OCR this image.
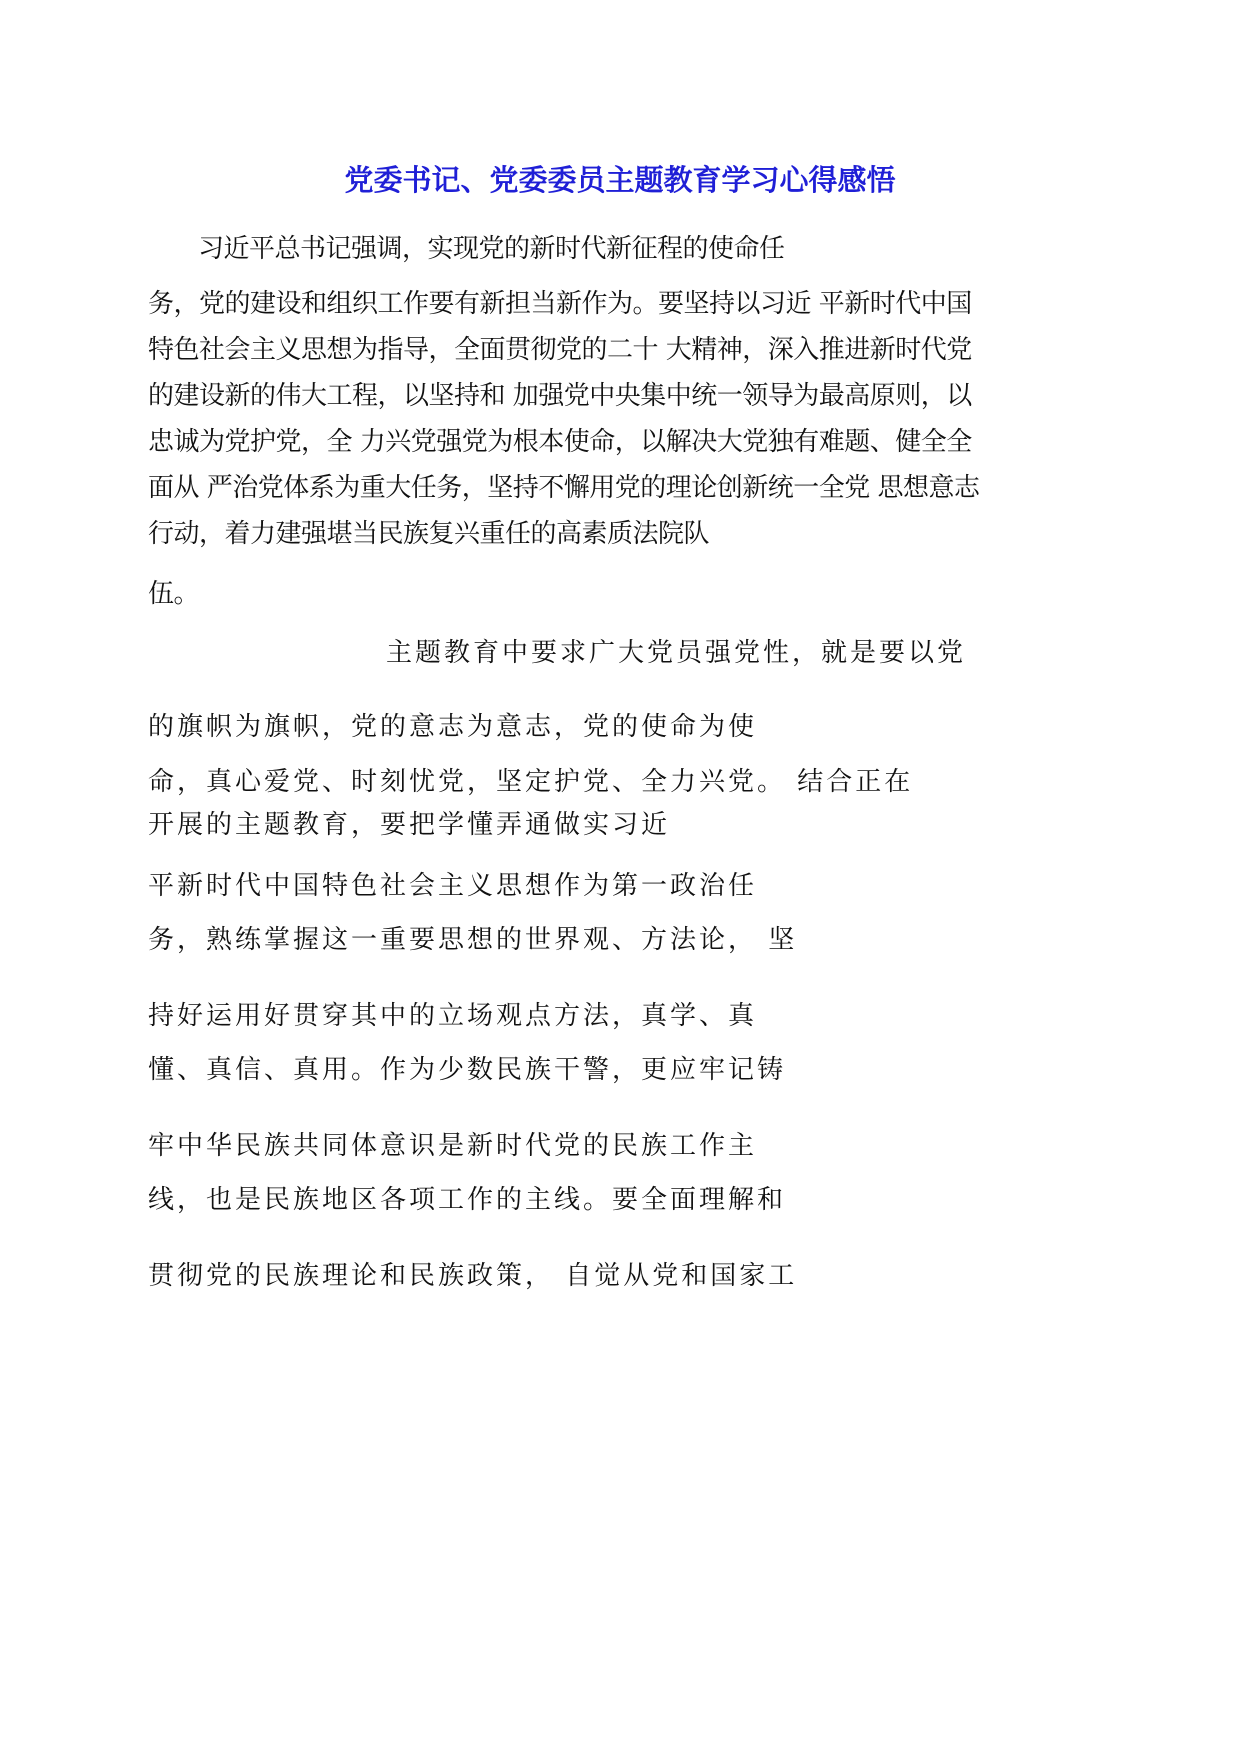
党委书记、党委委员主题教育学习心得感悟
习近平总书记强调，实现党的新时代新征程的使命任
务，党的建设和组织工作要有新担当新作为。要坚持以习近 平新时代中国
特色社会主义思想为指导，全面贯彻党的二十 大精神，深入推进新时代党
的建设新的伟大工程，以坚持和 加强党中央集中统一领导为最高原则，以
忠诚为党护党，全 力兴党强党为根本使命，以解决大党独有难题、健全全
面从 严治党体系为重大任务，坚持不懈用党的理论创新统一全党 思想意志
行动，着力建强堪当民族复兴重任的高素质法院队
伍。
主题教育中要求广大党员强党性，就是要以党
的旗帜为旗帜，党的意志为意志，党的使命为使
命，真心爱党、时刻忧党，坚定护党、全力兴党。 结合正在
开展的主题教育，要把学懂弄通做实习近
平新时代中国特色社会主义思想作为第一政治任
务，熟练掌握这一重要思想的世界观、方法论， 坚
持好运用好贯穿其中的立场观点方法，真学、真
懂、真信、真用。作为少数民族干警，更应牢记铸
牢中华民族共同体意识是新时代党的民族工作主
线，也是民族地区各项工作的主线。要全面理解和
贯彻党的民族理论和民族政策， 自觉从党和国家工
